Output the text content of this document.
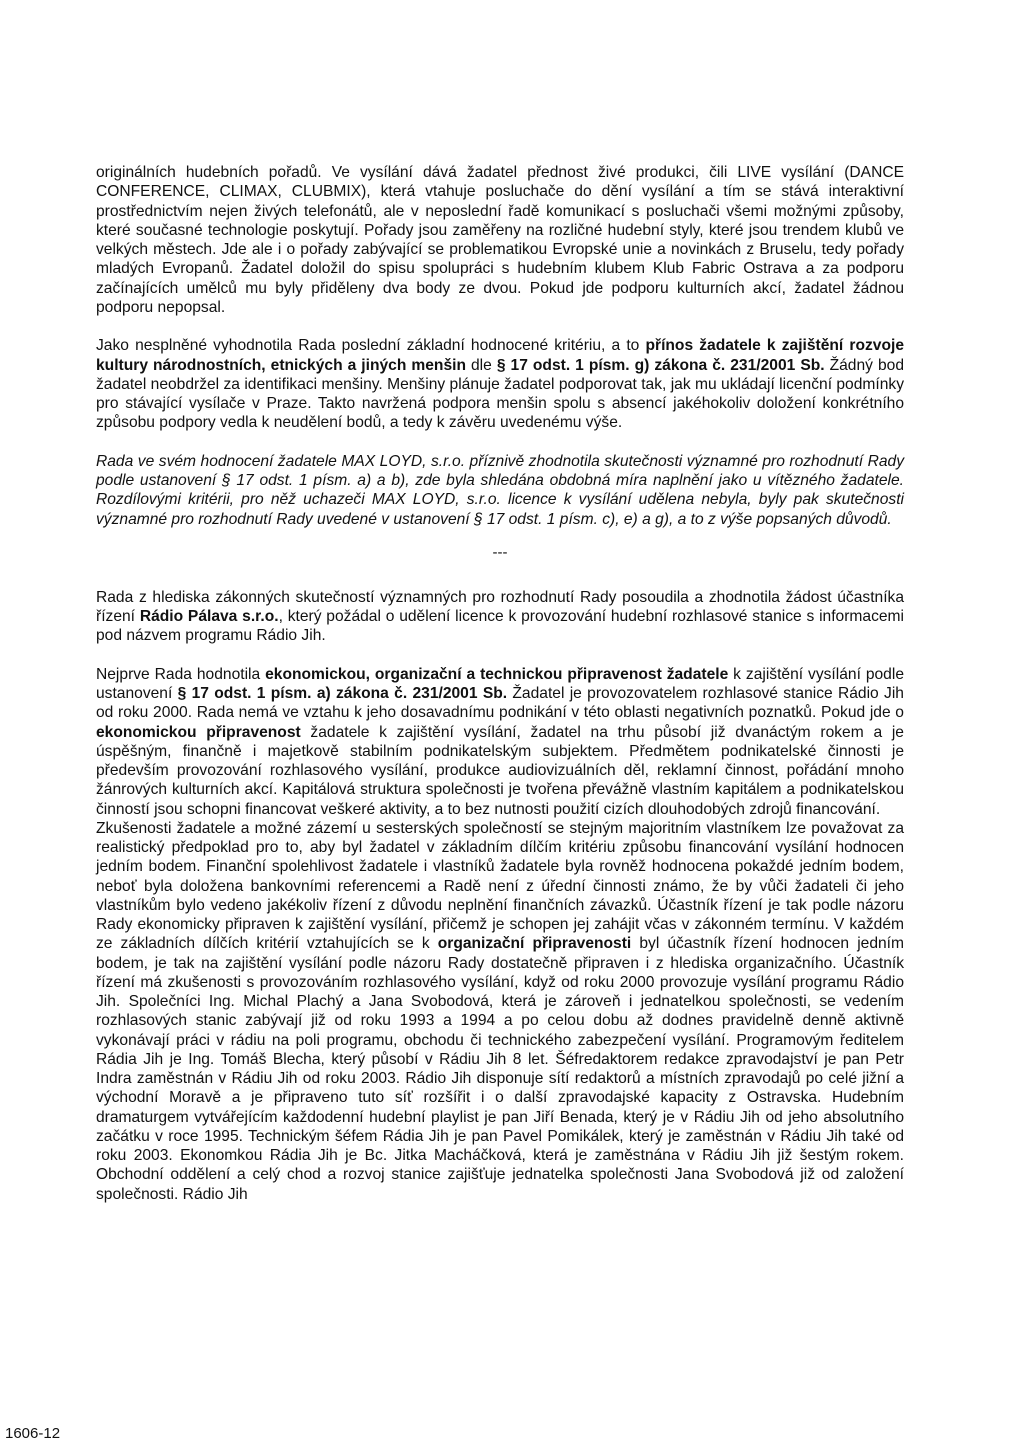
originálních hudebních pořadů. Ve vysílání dává žadatel přednost živé produkci, čili LIVE vysílání (DANCE CONFERENCE, CLIMAX, CLUBMIX), která vtahuje posluchače do dění vysílání a tím se stává interaktivní prostřednictvím nejen živých telefonátů, ale v neposlední řadě komunikací s posluchači všemi možnými způsoby, které současné technologie poskytují. Pořady jsou zaměřeny na rozličné hudební styly, které jsou trendem klubů ve velkých městech. Jde ale i o pořady zabývající se problematikou Evropské unie a novinkách z Bruselu, tedy pořady mladých Evropanů. Žadatel doložil do spisu spolupráci s hudebním klubem Klub Fabric Ostrava a za podporu začínajících umělců mu byly přiděleny dva body ze dvou. Pokud jde podporu kulturních akcí, žadatel žádnou podporu nepopsal.

Jako nesplněné vyhodnotila Rada poslední základní hodnocené kritériu, a to přínos žadatele k zajištění rozvoje kultury národnostních, etnických a jiných menšin dle § 17 odst. 1 písm. g) zákona č. 231/2001 Sb. Žádný bod žadatel neobdržel za identifikaci menšiny. Menšiny plánuje žadatel podporovat tak, jak mu ukládají licenční podmínky pro stávající vysílače v Praze. Takto navržená podpora menšin spolu s absencí jakéhokoliv doložení konkrétního způsobu podpory vedla k neudělení bodů, a tedy k závěru uvedenému výše.

Rada ve svém hodnocení žadatele MAX LOYD, s.r.o. příznivě zhodnotila skutečnosti významné pro rozhodnutí Rady podle ustanovení § 17 odst. 1 písm. a) a b), zde byla shledána obdobná míra naplnění jako u vítězného žadatele. Rozdílovými kritérii, pro něž uchazeči MAX LOYD, s.r.o. licence k vysílání udělena nebyla, byly pak skutečnosti významné pro rozhodnutí Rady uvedené v ustanovení § 17 odst. 1 písm. c), e) a g), a to z výše popsaných důvodů.

---

Rada z hlediska zákonných skutečností významných pro rozhodnutí Rady posoudila a zhodnotila žádost účastníka řízení Rádio Pálava s.r.o., který požádal o udělení licence k provozování hudební rozhlasové stanice s informacemi pod názvem programu Rádio Jih.

Nejprve Rada hodnotila ekonomickou, organizační a technickou připravenost žadatele k zajištění vysílání podle ustanovení § 17 odst. 1 písm. a) zákona č. 231/2001 Sb. Žadatel je provozovatelem rozhlasové stanice Rádio Jih od roku 2000. Rada nemá ve vztahu k jeho dosavadnímu podnikání v této oblasti negativních poznatků. Pokud jde o ekonomickou připravenost žadatele k zajištění vysílání, žadatel na trhu působí již dvanáctým rokem a je úspěšným, finančně i majetkově stabilním podnikatelským subjektem. Předmětem podnikatelské činnosti je především provozování rozhlasového vysílání, produkce audiovizuálních děl, reklamní činnost, pořádání mnoho žánrových kulturních akcí. Kapitálová struktura společnosti je tvořena převážně vlastním kapitálem a podnikatelskou činností jsou schopni financovat veškeré aktivity, a to bez nutnosti použití cizích dlouhodobých zdrojů financování.

Zkušenosti žadatele a možné zázemí u sesterských společností se stejným majoritním vlastníkem lze považovat za realistický předpoklad pro to, aby byl žadatel v základním dílčím kritériu způsobu financování vysílání hodnocen jedním bodem. Finanční spolehlivost žadatele i vlastníků žadatele byla rovněž hodnocena pokaždé jedním bodem, neboť byla doložena bankovními referencemi a Radě není z úřední činnosti známo, že by vůči žadateli či jeho vlastníkům bylo vedeno jakékoliv řízení z důvodu neplnění finančních závazků. Účastník řízení je tak podle názoru Rady ekonomicky připraven k zajištění vysílání, přičemž je schopen jej zahájit včas v zákonném termínu. V každém ze základních dílčích kritérií vztahujících se k organizační připravenosti byl účastník řízení hodnocen jedním bodem, je tak na zajištění vysílání podle názoru Rady dostatečně připraven i z hlediska organizačního. Účastník řízení má zkušenosti s provozováním rozhlasového vysílání, když od roku 2000 provozuje vysílání programu Rádio Jih. Společníci Ing. Michal Plachý a Jana Svobodová, která je zároveň i jednatelkou společnosti, se vedením rozhlasových stanic zabývají již od roku 1993 a 1994 a po celou dobu až dodnes pravidelně denně aktivně vykonávají práci v rádiu na poli programu, obchodu či technického zabezpečení vysílání. Programovým ředitelem Rádia Jih je Ing. Tomáš Blecha, který působí v Rádiu Jih 8 let. Šéfredaktorem redakce zpravodajství je pan Petr Indra zaměstnán v Rádiu Jih od roku 2003. Rádio Jih disponuje sítí redaktorů a místních zpravodajů po celé jižní a východní Moravě a je připraveno tuto síť rozšířit i o další zpravodajské kapacity z Ostravska. Hudebním dramaturgem vytvářejícím každodenní hudební playlist je pan Jiří Benada, který je v Rádiu Jih od jeho absolutního začátku v roce 1995. Technickým šéfem Rádia Jih je pan Pavel Pomikálek, který je zaměstnán v Rádiu Jih také od roku 2003. Ekonomkou Rádia Jih je Bc. Jitka Macháčková, která je zaměstnána v Rádiu Jih již šestým rokem. Obchodní oddělení a celý chod a rozvoj stanice zajišťuje jednatelka společnosti Jana Svobodová již od založení společnosti. Rádio Jih

1606-12
